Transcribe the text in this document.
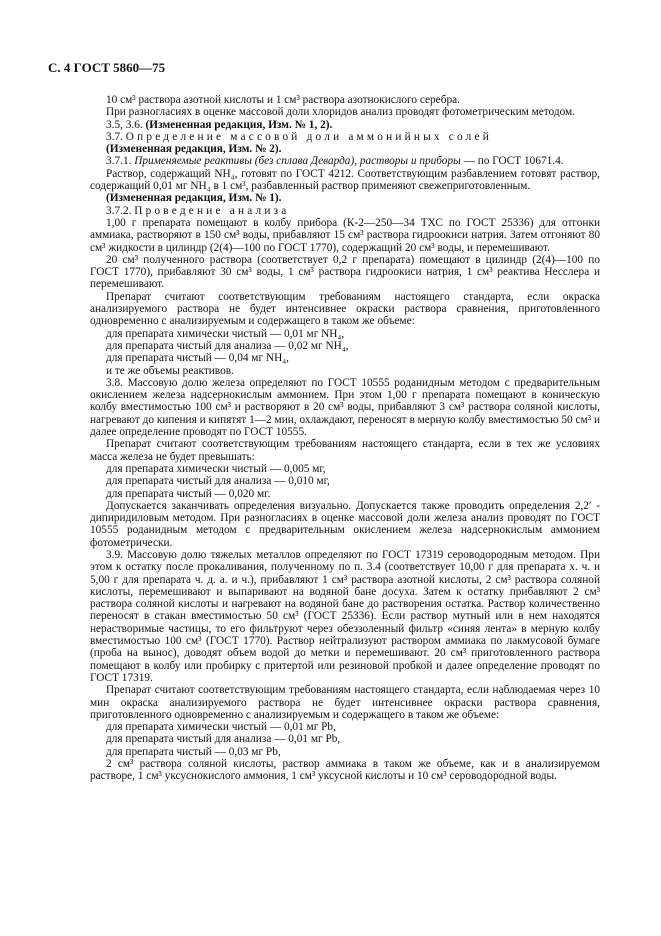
С. 4 ГОСТ 5860—75

10 см³ раствора азотной кислоты и 1 см³ раствора азотнокислого серебра.

При разногласиях в оценке массовой доли хлоридов анализ проводят фотометрическим методом.

3.5, 3.6. (Измененная редакция, Изм. № 1, 2).

3.7. Определение массовой доли аммонийных солей

(Измененная редакция, Изм. № 2).

3.7.1. Применяемые реактивы (без сплава Деварда), растворы и приборы — по ГОСТ 10671.4.

Раствор, содержащий NH₄, готовят по ГОСТ 4212. Соответствующим разбавлением готовят раствор, содержащий 0,01 мг NH₄ в 1 см³, разбавленный раствор применяют свежеприготовленным.

(Измененная редакция, Изм. № 1).

3.7.2. Проведение анализа

1,00 г препарата помещают в колбу прибора (К-2—250—34 ТХС по ГОСТ 25336) для отгонки аммиака, растворяют в 150 см³ воды, прибавляют 15 см³ раствора гидроокиси натрия. Затем отгоняют 80 см³ жидкости в цилиндр (2(4)—100 по ГОСТ 1770), содержащий 20 см³ воды, и перемешивают.

20 см³ полученного раствора (соответствует 0,2 г препарата) помещают в цилиндр (2(4)—100 по ГОСТ 1770), прибавляют 30 см³ воды, 1 см³ раствора гидроокиси натрия, 1 см³ реактива Несслера и перемешивают.

Препарат считают соответствующим требованиям настоящего стандарта, если окраска анализируемого раствора не будет интенсивнее окраски раствора сравнения, приготовленного одновременно с анализируемым и содержащего в таком же объеме:

для препарата химически чистый — 0,01 мг NH₄,

для препарата чистый для анализа — 0,02 мг NH₄,

для препарата чистый — 0,04 мг NH₄,

и те же объемы реактивов.

3.8. Массовую долю железа определяют по ГОСТ 10555 роданидным методом с предварительным окислением железа надсернокислым аммонием. При этом 1,00 г препарата помещают в коническую колбу вместимостью 100 см³ и растворяют в 20 см³ воды, прибавляют 3 см³ раствора соляной кислоты, нагревают до кипения и кипятят 1—2 мин, охлаждают, переносят в мерную колбу вместимостью 50 см³ и далее определение проводят по ГОСТ 10555.

Препарат считают соответствующим требованиям настоящего стандарта, если в тех же условиях масса железа не будет превышать:

для препарата химически чистый — 0,005 мг,

для препарата чистый для анализа — 0,010 мг,

для препарата чистый — 0,020 мг.

Допускается заканчивать определения визуально. Допускается также проводить определения 2,2′ - дипиридиловым методом. При разногласиях в оценке массовой доли железа анализ проводят по ГОСТ 10555 роданидным методом с предварительным окислением железа надсернокислым аммонием фотометрически.

3.9. Массовую долю тяжелых металлов определяют по ГОСТ 17319 сероводородным методом. При этом к остатку после прокаливания, полученному по п. 3.4 (соответствует 10,00 г для препарата х. ч. и 5,00 г для препарата ч. д. а. и ч.), прибавляют 1 см³ раствора азотной кислоты, 2 см³ раствора соляной кислоты, перемешивают и выпаривают на водяной бане досуха. Затем к остатку прибавляют 2 см³ раствора соляной кислоты и нагревают на водяной бане до растворения остатка. Раствор количественно переносят в стакан вместимостью 50 см³ (ГОСТ 25336). Если раствор мутный или в нем находятся нерастворимые частицы, то его фильтруют через обеззоленный фильтр «синяя лента» в мерную колбу вместимостью 100 см³ (ГОСТ 1770). Раствор нейтрализуют раствором аммиака по лакмусовой бумаге (проба на вынос), доводят объем водой до метки и перемешивают. 20 см³ приготовленного раствора помещают в колбу или пробирку с притертой или резиновой пробкой и далее определение проводят по ГОСТ 17319.

Препарат считают соответствующим требованиям настоящего стандарта, если наблюдаемая через 10 мин окраска анализируемого раствора не будет интенсивнее окраски раствора сравнения, приготовленного одновременно с анализируемым и содержащего в таком же объеме:

для препарата химически чистый — 0,01 мг Pb,

для препарата чистый для анализа — 0,01 мг Pb,

для препарата чистый — 0,03 мг Pb,

2 см³ раствора соляной кислоты, раствор аммиака в таком же объеме, как и в анализируемом растворе, 1 см³ уксуснокислого аммония, 1 см³ уксусной кислоты и 10 см³ сероводородной воды.
